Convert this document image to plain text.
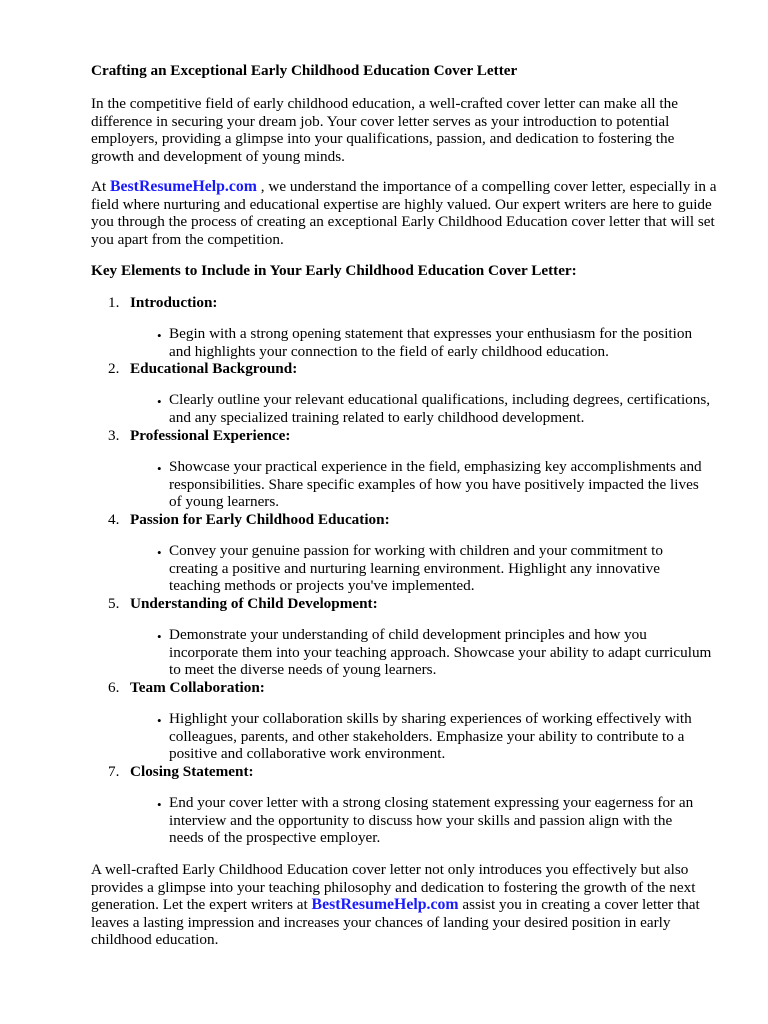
Crafting an Exceptional Early Childhood Education Cover Letter

In the competitive field of early childhood education, a well-crafted cover letter can make all the difference in securing your dream job. Your cover letter serves as your introduction to potential employers, providing a glimpse into your qualifications, passion, and dedication to fostering the growth and development of young minds.

At BestResumeHelp.com , we understand the importance of a compelling cover letter, especially in a field where nurturing and educational expertise are highly valued. Our expert writers are here to guide you through the process of creating an exceptional Early Childhood Education cover letter that will set you apart from the competition.

Key Elements to Include in Your Early Childhood Education Cover Letter:
1. Introduction:

• Begin with a strong opening statement that expresses your enthusiasm for the position and highlights your connection to the field of early childhood education.

2. Educational Background:

• Clearly outline your relevant educational qualifications, including degrees, certifications, and any specialized training related to early childhood development.

3. Professional Experience:

• Showcase your practical experience in the field, emphasizing key accomplishments and responsibilities. Share specific examples of how you have positively impacted the lives of young learners.

4. Passion for Early Childhood Education:

• Convey your genuine passion for working with children and your commitment to creating a positive and nurturing learning environment. Highlight any innovative teaching methods or projects you've implemented.

5. Understanding of Child Development:

• Demonstrate your understanding of child development principles and how you incorporate them into your teaching approach. Showcase your ability to adapt curriculum to meet the diverse needs of young learners.

6. Team Collaboration:

• Highlight your collaboration skills by sharing experiences of working effectively with colleagues, parents, and other stakeholders. Emphasize your ability to contribute to a positive and collaborative work environment.

7. Closing Statement:

• End your cover letter with a strong closing statement expressing your eagerness for an interview and the opportunity to discuss how your skills and passion align with the needs of the prospective employer.

A well-crafted Early Childhood Education cover letter not only introduces you effectively but also provides a glimpse into your teaching philosophy and dedication to fostering the growth of the next generation. Let the expert writers at BestResumeHelp.com assist you in creating a cover letter that leaves a lasting impression and increases your chances of landing your desired position in early childhood education.
